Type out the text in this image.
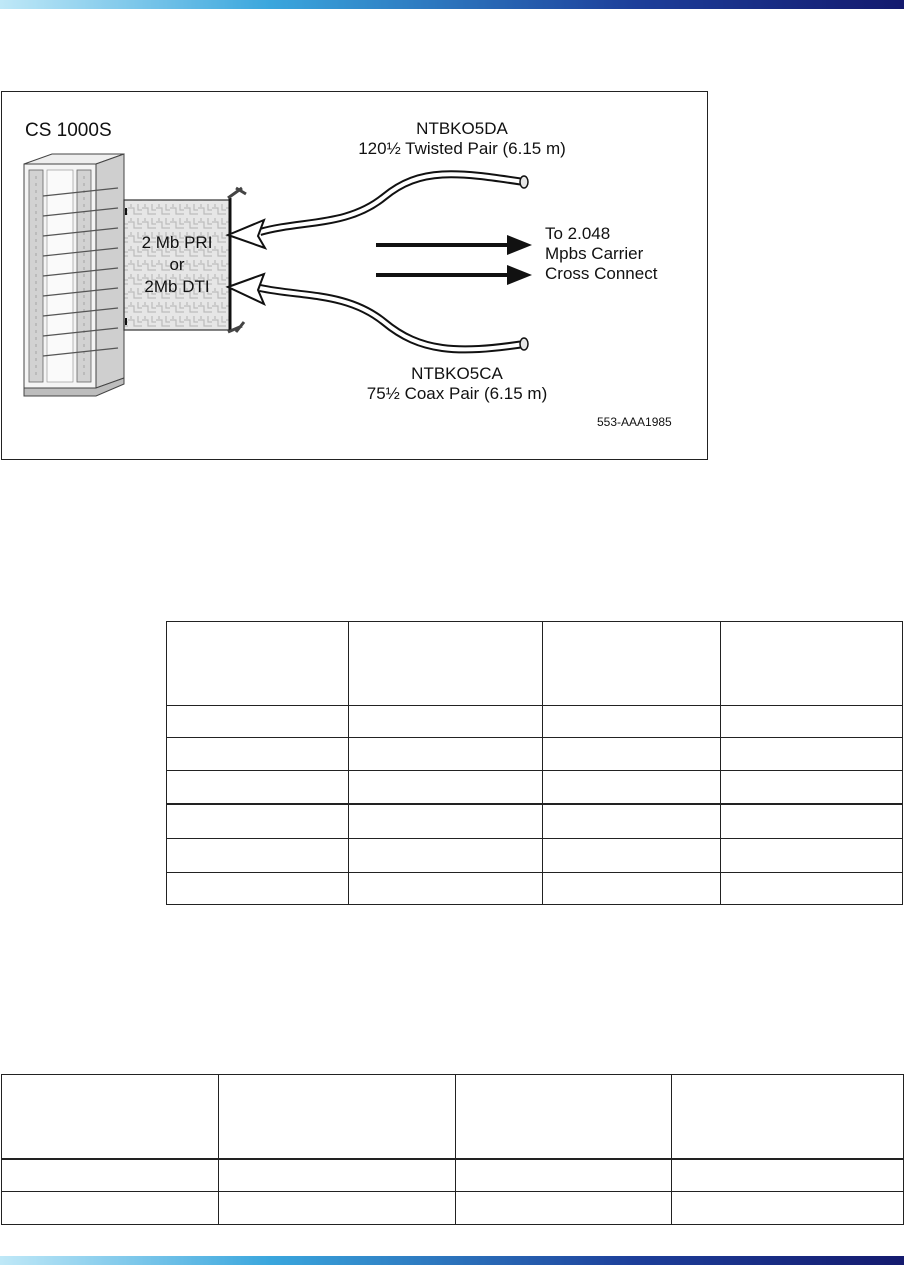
CS 1000S
2 Mb PRI
or
2Mb DTI
NTBKO5DA
120½ Twisted Pair (6.15 m)
NTBKO5CA
75½ Coax Pair (6.15 m)
To 2.048
Mpbs Carrier
Cross Connect
553-AAA1985
